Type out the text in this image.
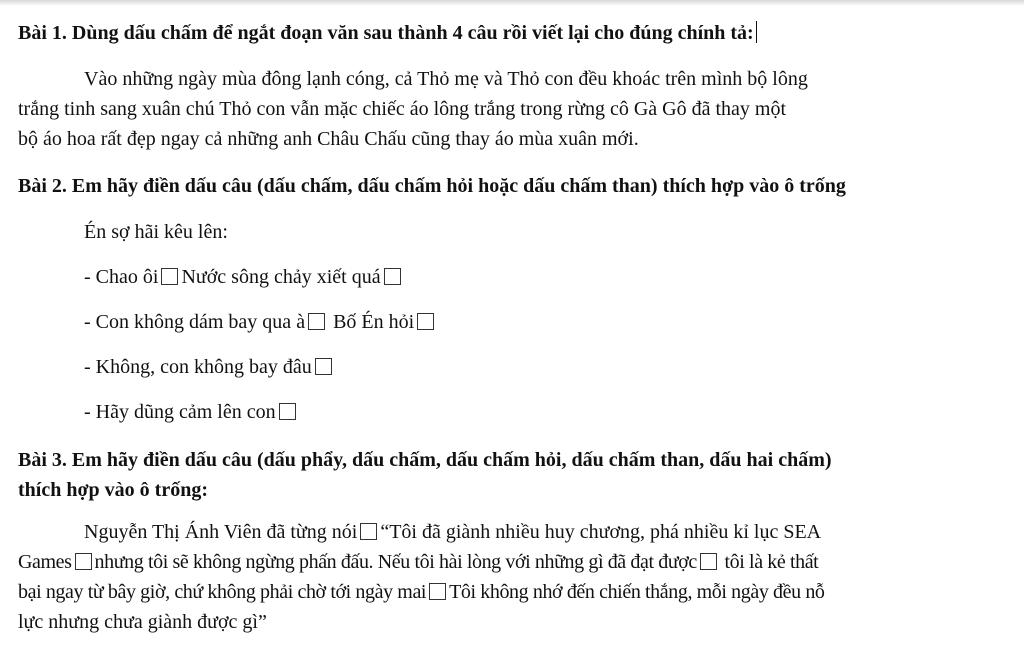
Bài 1. Dùng dấu chấm để ngắt đoạn văn sau thành 4 câu rồi viết lại cho đúng chính tả:
Vào những ngày mùa đông lạnh cóng, cả Thỏ mẹ và Thỏ con đều khoác trên mình bộ lông
trắng tinh sang xuân chú Thỏ con vẫn mặc chiếc áo lông trắng trong rừng cô Gà Gô đã thay một
bộ áo hoa rất đẹp ngay cả những anh Châu Chấu cũng thay áo mùa xuân mới.
Bài 2. Em hãy điền dấu câu (dấu chấm, dấu chấm hỏi hoặc dấu chấm than) thích hợp vào ô trống
Én sợ hãi kêu lên:
- Chao ôi Nước sông chảy xiết quá
- Con không dám bay qua à Bố Én hỏi
- Không, con không bay đâu
- Hãy dũng cảm lên con
Bài 3. Em hãy điền dấu câu (dấu phẩy, dấu chấm, dấu chấm hỏi, dấu chấm than, dấu hai chấm)
thích hợp vào ô trống:
Nguyễn Thị Ánh Viên đã từng nói “Tôi đã giành nhiều huy chương, phá nhiều kỉ lục SEA
Games nhưng tôi sẽ không ngừng phấn đấu. Nếu tôi hài lòng với những gì đã đạt được tôi là kẻ thất
bại ngay từ bây giờ, chứ không phải chờ tới ngày mai Tôi không nhớ đến chiến thắng, mỗi ngày đều nỗ
lực nhưng chưa giành được gì”
